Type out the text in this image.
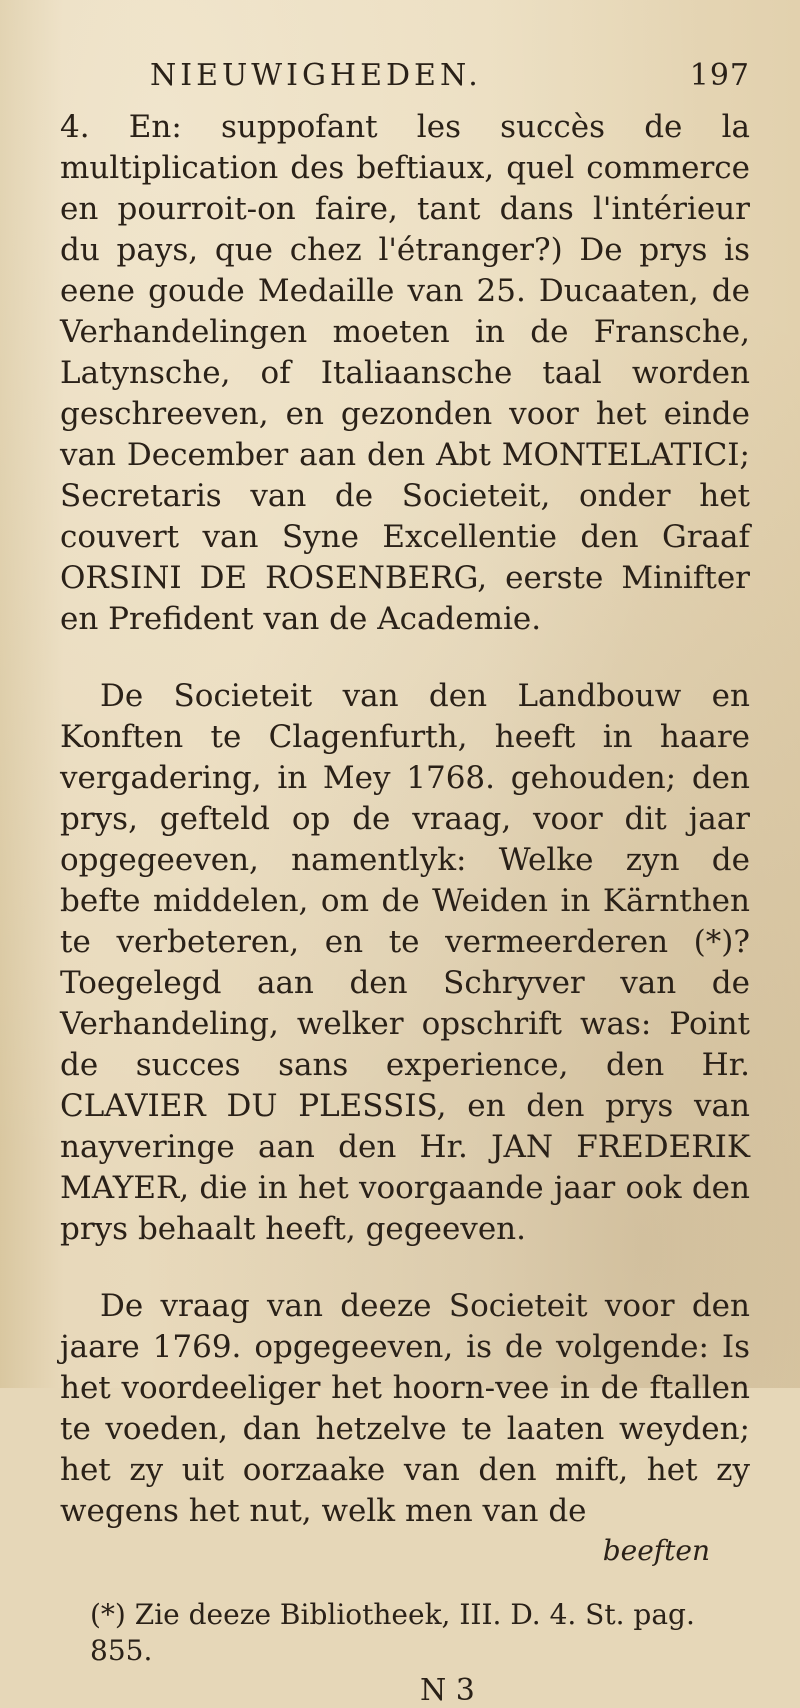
NIEUWIGHEDEN.	197

4. En: suppofant les succès de la multiplication des beftiaux, quel commerce en pourroit-on faire, tant dans l'intérieur du pays, que chez l'étranger?) De prys is eene goude Medaille van 25. Ducaaten, de Verhandelingen moeten in de Fransche, Latynsche, of Italiaansche taal worden geschreeven, en gezonden voor het einde van December aan den Abt MONTELATICI; Secretaris van de Societeit, onder het couvert van Syne Excellentie den Graaf ORSINI DE ROSENBERG, eerste Minifter en Prefident van de Academie.

De Societeit van den Landbouw en Konften te Clagenfurth, heeft in haare vergadering, in Mey 1768. gehouden; den prys, gefteld op de vraag, voor dit jaar opgegeeven, namentlyk: Welke zyn de befte middelen, om de Weiden in Kärnthen te verbeteren, en te vermeerderen (*)? Toegelegd aan den Schryver van de Verhandeling, welker opschrift was: Point de succes sans experience, den Hr. CLAVIER DU PLESSIS, en den prys van nayveringe aan den Hr. JAN FREDERIK MAYER, die in het voorgaande jaar ook den prys behaalt heeft, gegeeven.

De vraag van deeze Societeit voor den jaare 1769. opgegeeven, is de volgende: Is het voordeeliger het hoorn-vee in de ftallen te voeden, dan hetzelve te laaten weyden; het zy uit oorzaake van den mift, het zy wegens het nut, welk men van de

beeften
(*) Zie deeze Bibliotheek, III. D. 4. St. pag. 855.
N 3
